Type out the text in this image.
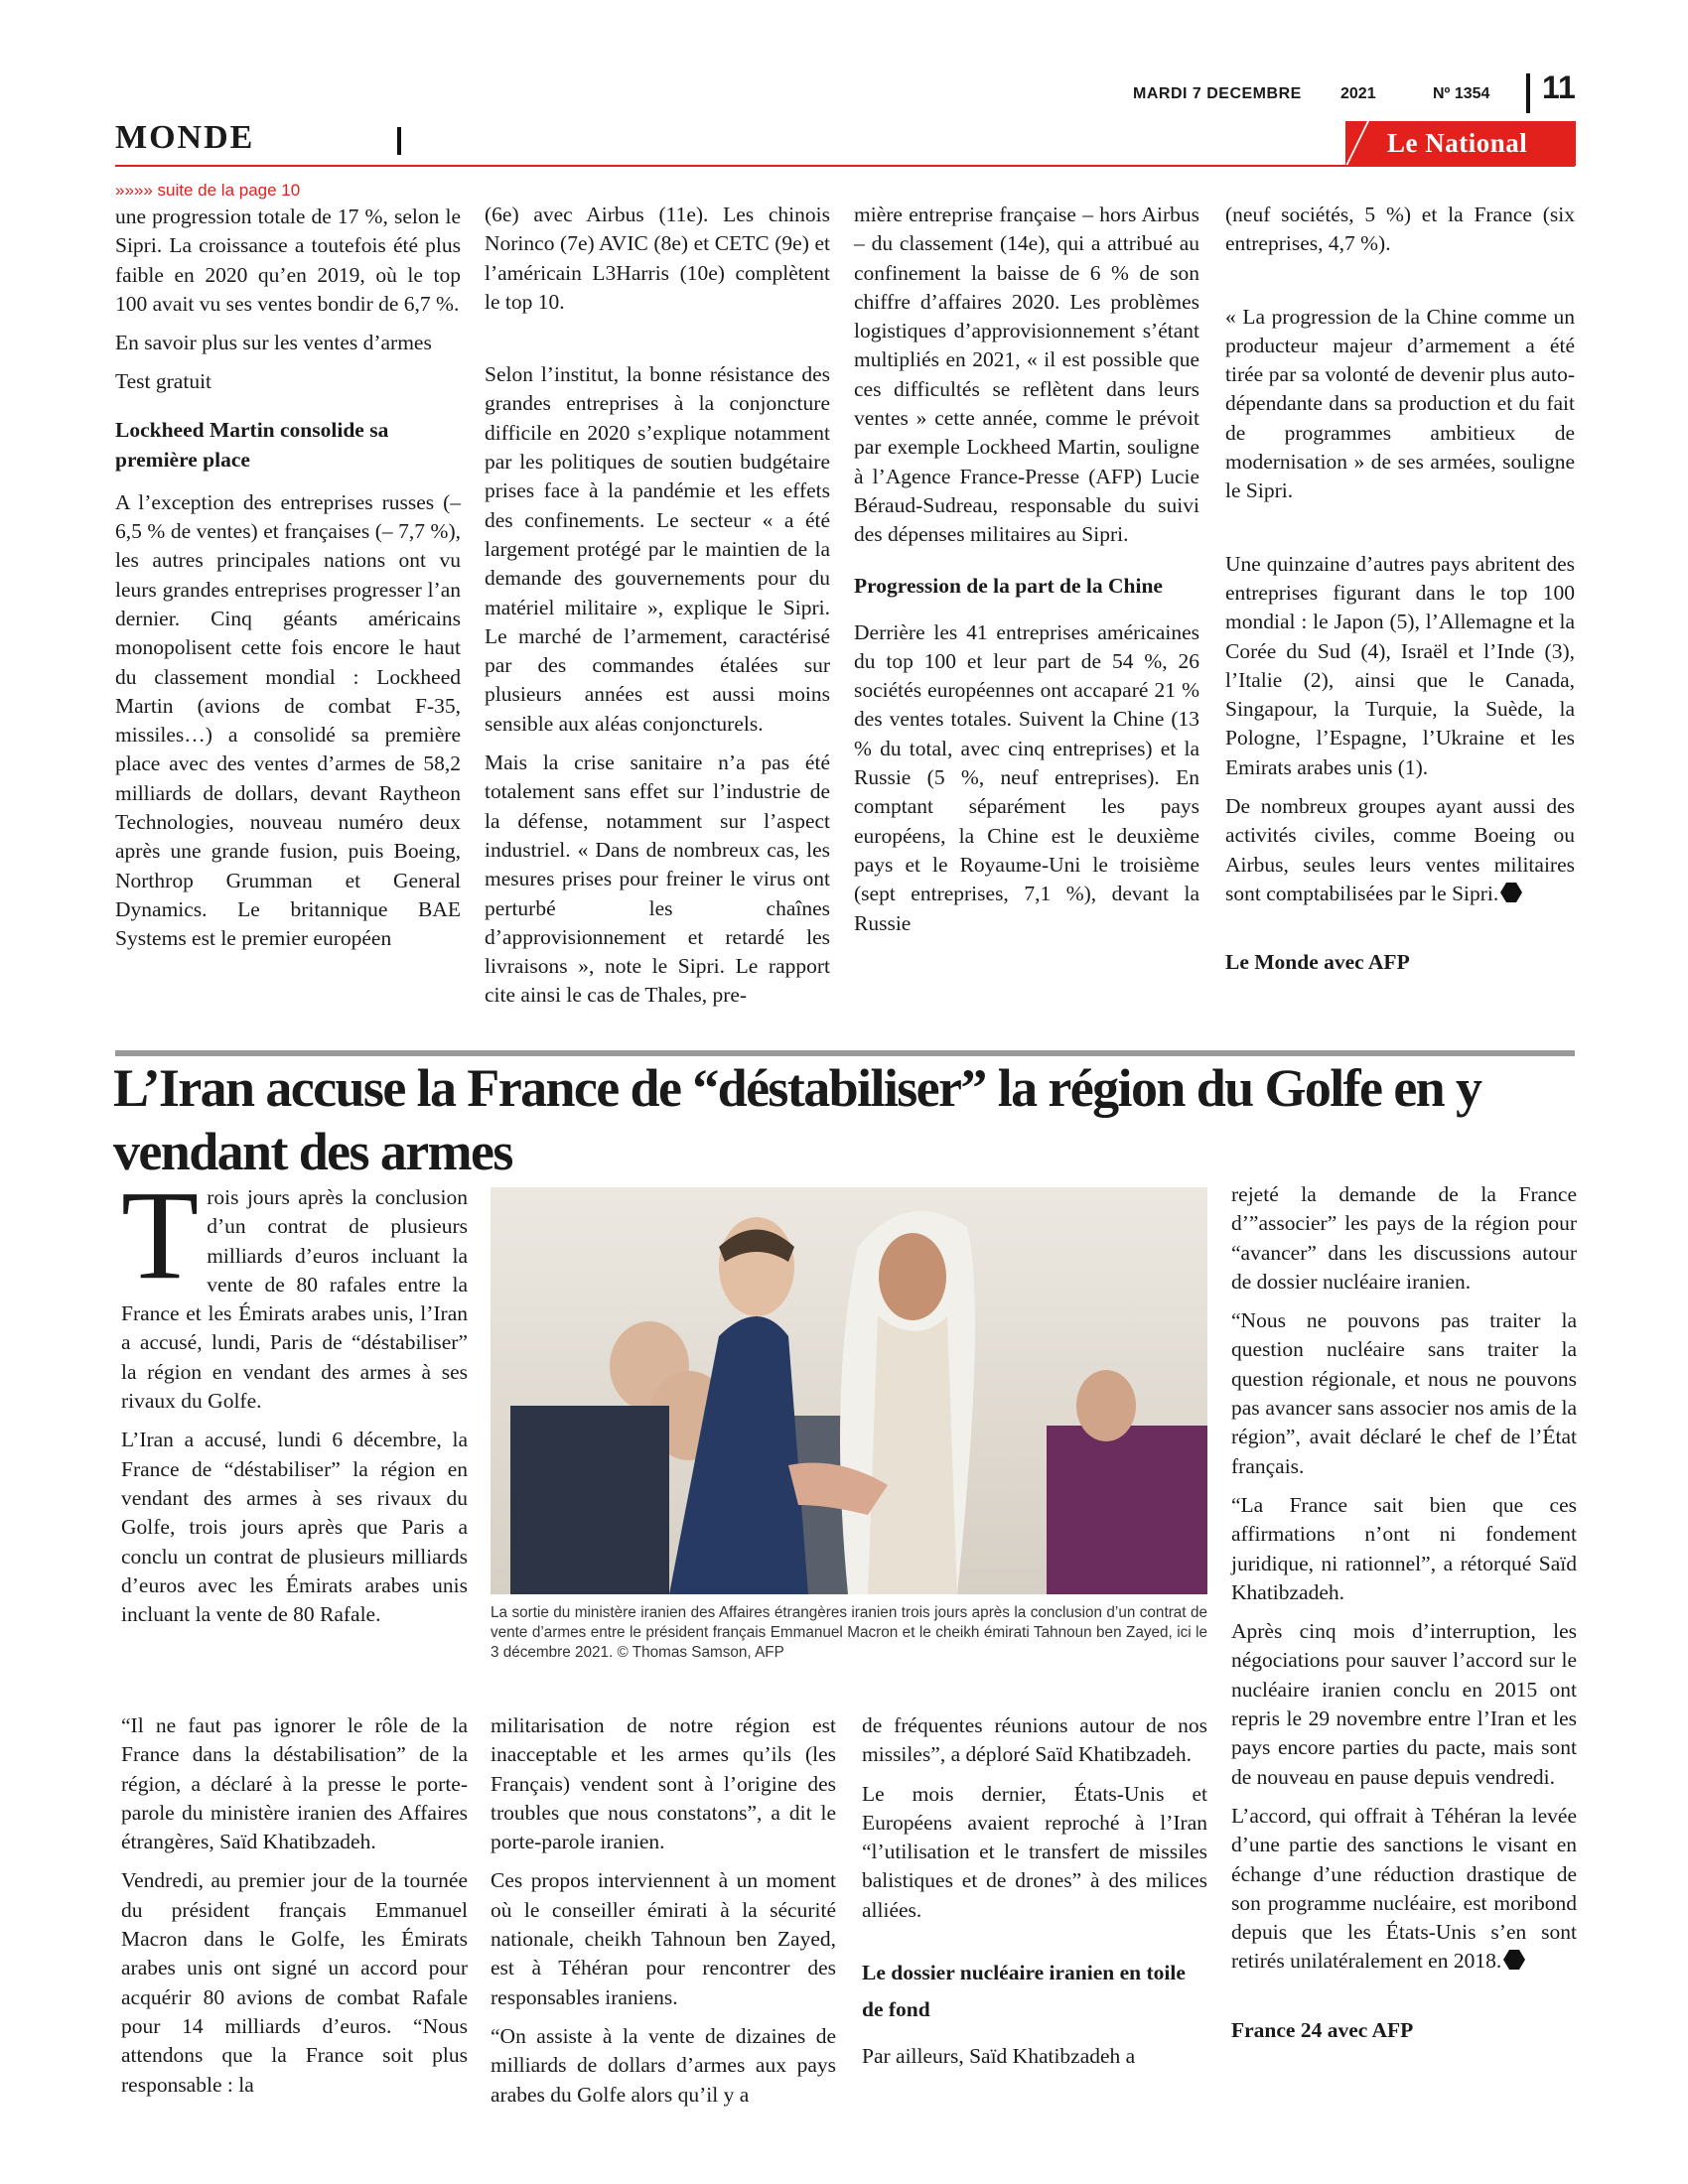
MARDI 7 DECEMBRE 2021	Nº 1354 11
MONDE	Le National
»»»» suite de la page 10

une progression totale de 17 %, selon le Sipri. La croissance a toutefois été plus faible en 2020 qu’en 2019, où le top 100 avait vu ses ventes bondir de 6,7 %.

En savoir plus sur les ventes d’armes

Test gratuit

Lockheed Martin consolide sa première place

A l’exception des entreprises russes (– 6,5 % de ventes) et françaises (– 7,7 %), les autres principales nations ont vu leurs grandes entreprises progresser l’an dernier. Cinq géants américains monopolisent cette fois encore le haut du classement mondial : Lockheed Martin (avions de combat F-35, missiles…) a consolidé sa première place avec des ventes d’armes de 58,2 milliards de dollars, devant Raytheon Technologies, nouveau numéro deux après une grande fusion, puis Boeing, Northrop Grumman et General Dynamics. Le britannique BAE Systems est le premier européen

(6e) avec Airbus (11e). Les chinois Norinco (7e) AVIC (8e) et CETC (9e) et l’américain L3Harris (10e) complètent le top 10.

Selon l’institut, la bonne résistance des grandes entreprises à la conjoncture difficile en 2020 s’explique notamment par les politiques de soutien budgétaire prises face à la pandémie et les effets des confinements. Le secteur « a été largement protégé par le maintien de la demande des gouvernements pour du matériel militaire », explique le Sipri. Le marché de l’armement, caractérisé par des commandes étalées sur plusieurs années est aussi moins sensible aux aléas conjoncturels.

Mais la crise sanitaire n’a pas été totalement sans effet sur l’industrie de la défense, notamment sur l’aspect industriel. « Dans de nombreux cas, les mesures prises pour freiner le virus ont perturbé les chaînes d’approvisionnement et retardé les livraisons », note le Sipri. Le rapport cite ainsi le cas de Thales, pre-

mière entreprise française – hors Airbus – du classement (14e), qui a attribué au confinement la baisse de 6 % de son chiffre d’affaires 2020. Les problèmes logistiques d’approvisionnement s’étant multipliés en 2021, « il est possible que ces difficultés se reflètent dans leurs ventes » cette année, comme le prévoit par exemple Lockheed Martin, souligne à l’Agence France-Presse (AFP) Lucie Béraud-Sudreau, responsable du suivi des dépenses militaires au Sipri.

Progression de la part de la Chine

Derrière les 41 entreprises américaines du top 100 et leur part de 54 %, 26 sociétés européennes ont accaparé 21 % des ventes totales. Suivent la Chine (13 % du total, avec cinq entreprises) et la Russie (5 %, neuf entreprises). En comptant séparément les pays européens, la Chine est le deuxième pays et le Royaume-Uni le troisième (sept entreprises, 7,1 %), devant la Russie

(neuf sociétés, 5 %) et la France (six entreprises, 4,7 %).

« La progression de la Chine comme un producteur majeur d’armement a été tirée par sa volonté de devenir plus auto-dépendante dans sa production et du fait de programmes ambitieux de modernisation » de ses armées, souligne le Sipri.

Une quinzaine d’autres pays abritent des entreprises figurant dans le top 100 mondial : le Japon (5), l’Allemagne et la Corée du Sud (4), Israël et l’Inde (3), l’Italie (2), ainsi que le Canada, Singapour, la Turquie, la Suède, la Pologne, l’Espagne, l’Ukraine et les Emirats arabes unis (1).

De nombreux groupes ayant aussi des activités civiles, comme Boeing ou Airbus, seules leurs ventes militaires sont comptabilisées par le Sipri.

Le Monde avec AFP

L’Iran accuse la France de “déstabiliser” la région du Golfe en y vendant des armes

Trois jours après la conclusion d’un contrat de plusieurs milliards d’euros incluant la vente de 80 rafales entre la France et les Émirats arabes unis, l’Iran a accusé, lundi, Paris de “déstabiliser” la région en vendant des armes à ses rivaux du Golfe.

L’Iran a accusé, lundi 6 décembre, la France de “déstabiliser” la région en vendant des armes à ses rivaux du Golfe, trois jours après que Paris a conclu un contrat de plusieurs milliards d’euros avec les Émirats arabes unis incluant la vente de 80 Rafale.	La sortie du ministère iranien des Affaires étrangères iranien trois jours après la conclusion d’un contrat de vente d’armes entre le président français Emmanuel Macron et le cheikh émirati Tahnoun ben Zayed, ici le 3 décembre 2021. © Thomas Samson, AFP

“Il ne faut pas ignorer le rôle de la France dans la déstabilisation” de la région, a déclaré à la presse le porte-parole du ministère iranien des Affaires étrangères, Saïd Khatibzadeh.

Vendredi, au premier jour de la tournée du président français Emmanuel Macron dans le Golfe, les Émirats arabes unis ont signé un accord pour acquérir 80 avions de combat Rafale pour 14 milliards d’euros. “Nous attendons que la France soit plus responsable : la

militarisation de notre région est inacceptable et les armes qu’ils (les Français) vendent sont à l’origine des troubles que nous constatons”, a dit le porte-parole iranien.

Ces propos interviennent à un moment où le conseiller émirati à la sécurité nationale, cheikh Tahnoun ben Zayed, est à Téhéran pour rencontrer des responsables iraniens.

“On assiste à la vente de dizaines de milliards de dollars d’armes aux pays arabes du Golfe alors qu’il y a

de fréquentes réunions autour de nos missiles”, a déploré Saïd Khatibzadeh.

Le mois dernier, États-Unis et Européens avaient reproché à l’Iran “l’utilisation et le transfert de missiles balistiques et de drones” à des milices alliées.

Le dossier nucléaire iranien en toile de fond

Par ailleurs, Saïd Khatibzadeh a

rejeté la demande de la France d’”associer” les pays de la région pour “avancer” dans les discussions autour de dossier nucléaire iranien.

“Nous ne pouvons pas traiter la question nucléaire sans traiter la question régionale, et nous ne pouvons pas avancer sans associer nos amis de la région”, avait déclaré le chef de l’État français.

“La France sait bien que ces affirmations n’ont ni fondement juridique, ni rationnel”, a rétorqué Saïd Khatibzadeh.

Après cinq mois d’interruption, les négociations pour sauver l’accord sur le nucléaire iranien conclu en 2015 ont repris le 29 novembre entre l’Iran et les pays encore parties du pacte, mais sont de nouveau en pause depuis vendredi.

L’accord, qui offrait à Téhéran la levée d’une partie des sanctions le visant en échange d’une réduction drastique de son programme nucléaire, est moribond depuis que les États-Unis s’en sont retirés unilatéralement en 2018.

France 24 avec AFP
